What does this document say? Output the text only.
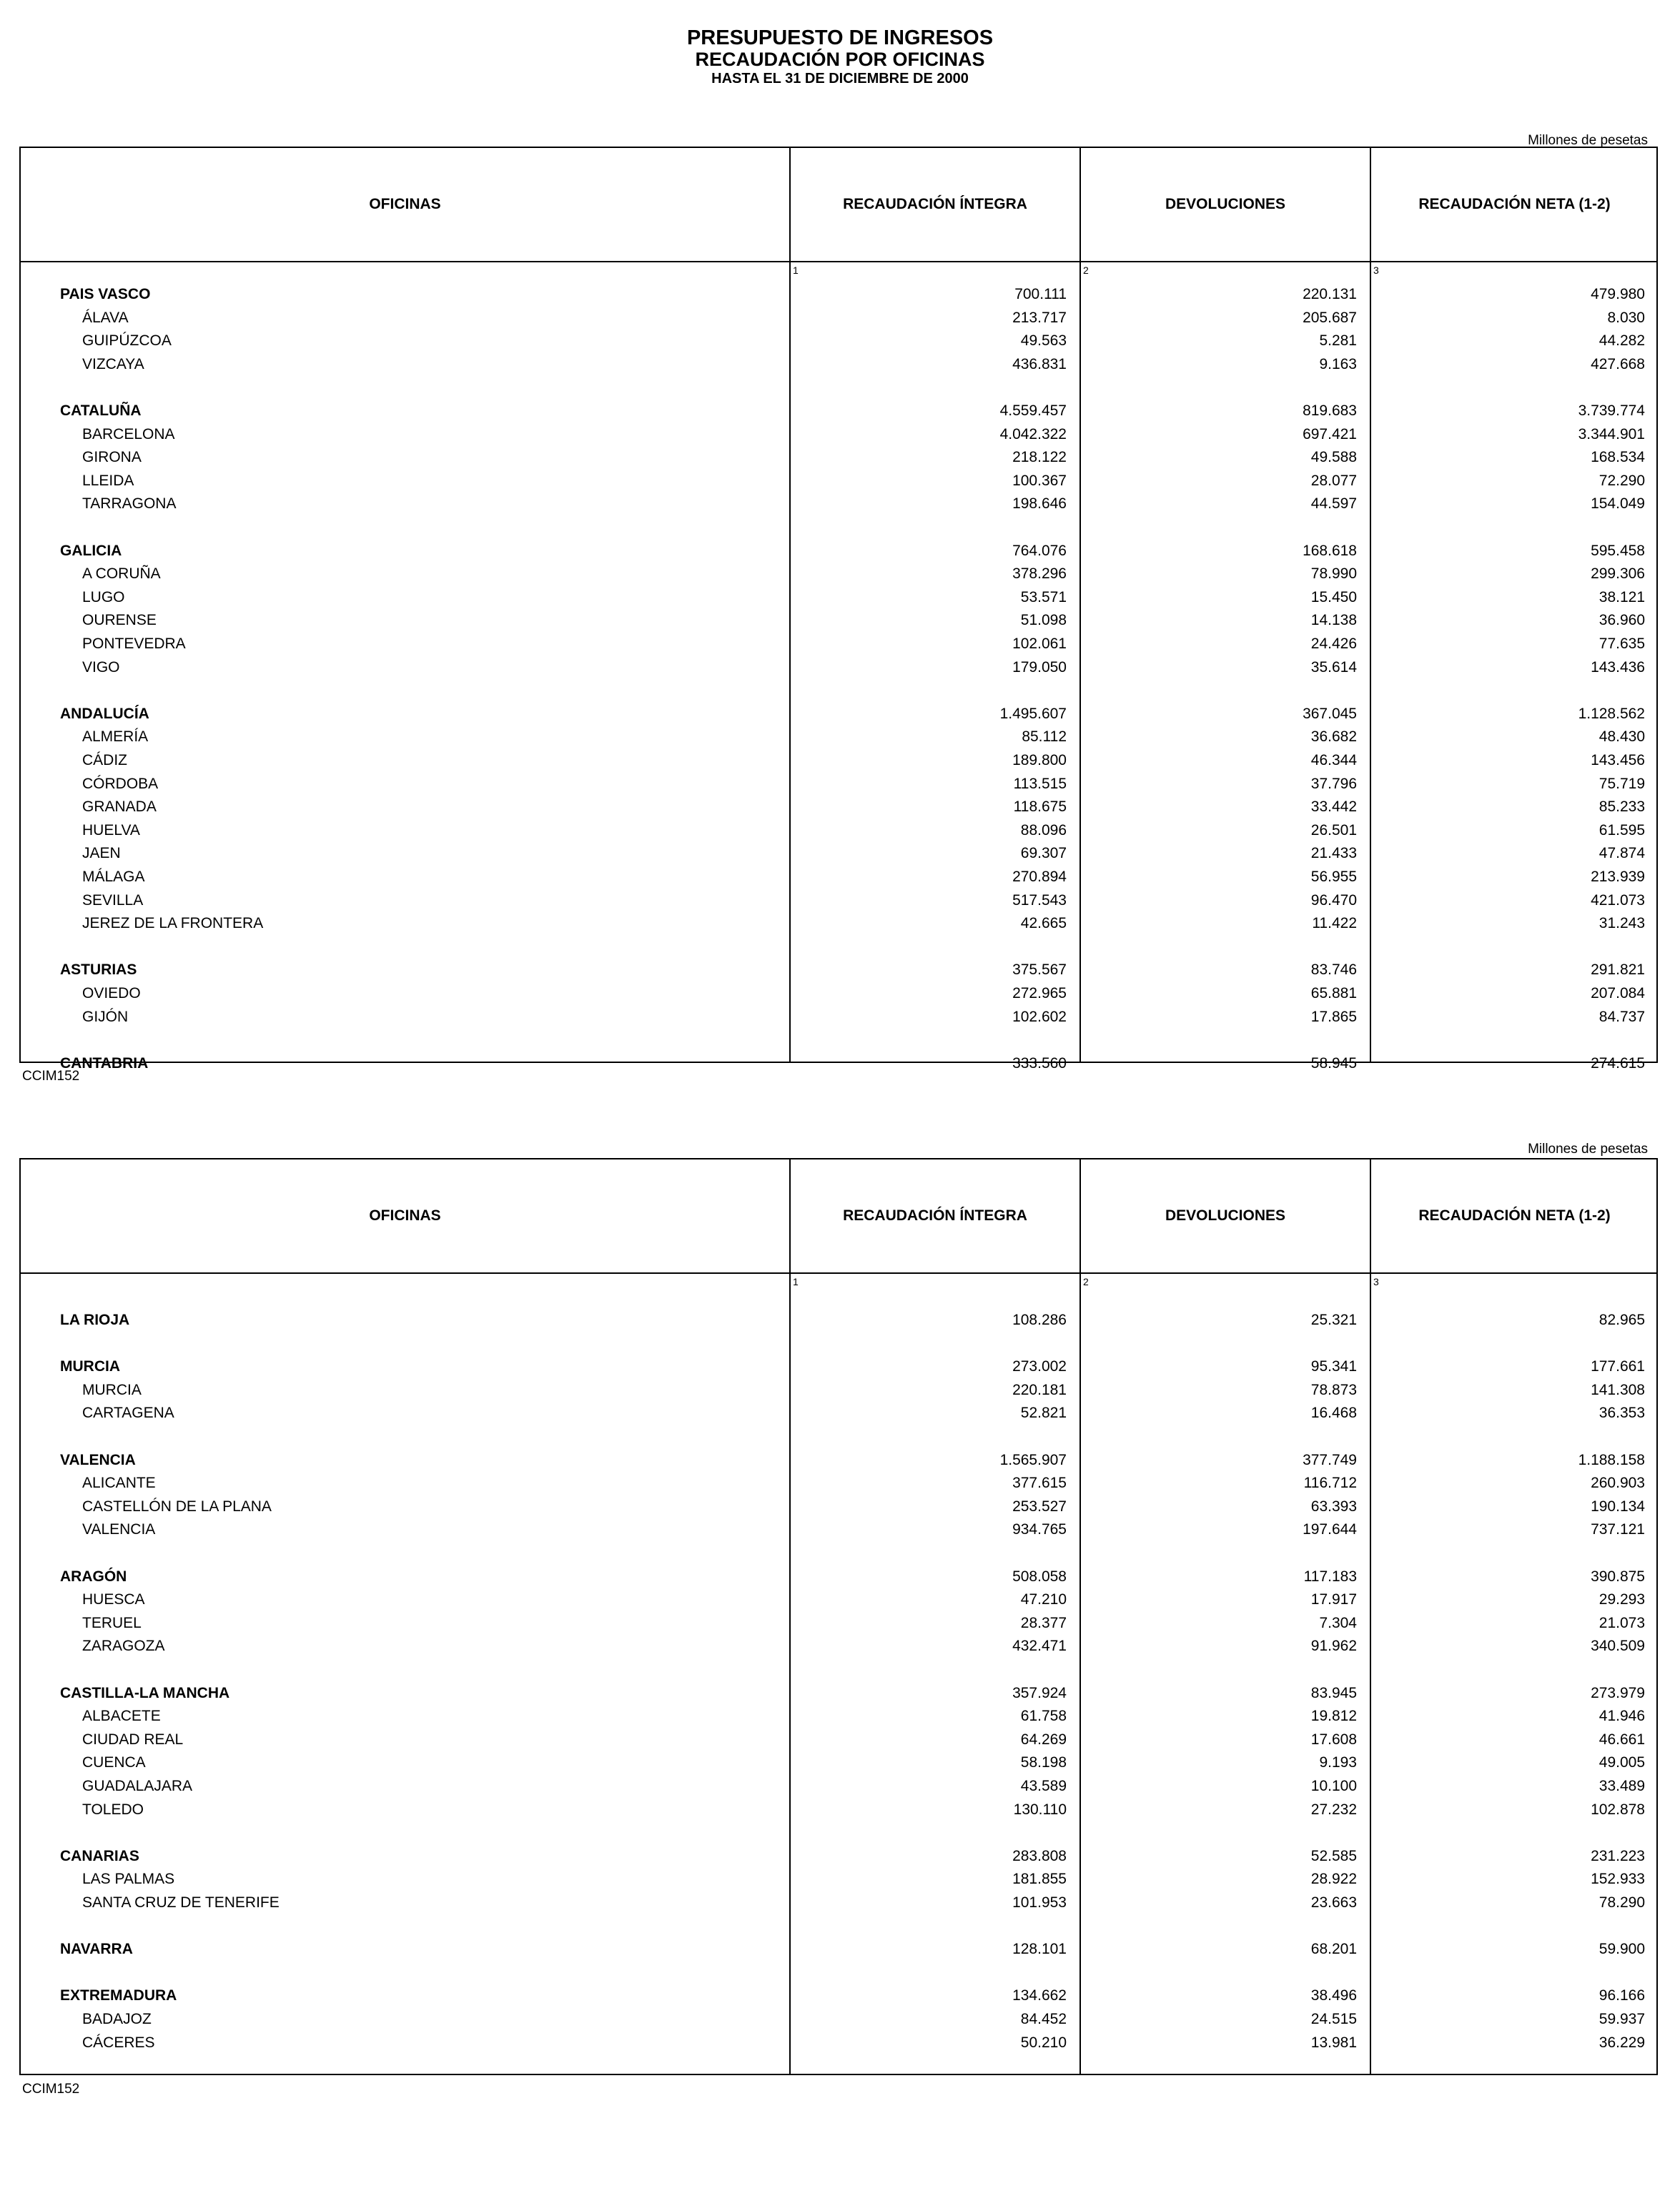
PRESUPUESTO DE INGRESOS
RECAUDACIÓN POR OFICINAS
HASTA EL 31 DE DICIEMBRE DE 2000
Millones de pesetas
OFICINAS	RECAUDACIÓN ÍNTEGRA	DEVOLUCIONES	RECAUDACIÓN NETA (1-2)
1	2	3
PAIS VASCO	700.111	220.131	479.980
ÁLAVA	213.717	205.687	8.030
GUIPÚZCOA	49.563	5.281	44.282
VIZCAYA	436.831	9.163	427.668
CATALUÑA	4.559.457	819.683	3.739.774
BARCELONA	4.042.322	697.421	3.344.901
GIRONA	218.122	49.588	168.534
LLEIDA	100.367	28.077	72.290
TARRAGONA	198.646	44.597	154.049
GALICIA	764.076	168.618	595.458
A CORUÑA	378.296	78.990	299.306
LUGO	53.571	15.450	38.121
OURENSE	51.098	14.138	36.960
PONTEVEDRA	102.061	24.426	77.635
VIGO	179.050	35.614	143.436
ANDALUCÍA	1.495.607	367.045	1.128.562
ALMERÍA	85.112	36.682	48.430
CÁDIZ	189.800	46.344	143.456
CÓRDOBA	113.515	37.796	75.719
GRANADA	118.675	33.442	85.233
HUELVA	88.096	26.501	61.595
JAEN	69.307	21.433	47.874
MÁLAGA	270.894	56.955	213.939
SEVILLA	517.543	96.470	421.073
JEREZ DE LA FRONTERA	42.665	11.422	31.243
ASTURIAS	375.567	83.746	291.821
OVIEDO	272.965	65.881	207.084
GIJÓN	102.602	17.865	84.737
CANTABRIA	333.560	58.945	274.615
CCIM152
Millones de pesetas
OFICINAS	RECAUDACIÓN ÍNTEGRA	DEVOLUCIONES	RECAUDACIÓN NETA (1-2)
1	2	3
LA RIOJA	108.286	25.321	82.965
MURCIA	273.002	95.341	177.661
MURCIA	220.181	78.873	141.308
CARTAGENA	52.821	16.468	36.353
VALENCIA	1.565.907	377.749	1.188.158
ALICANTE	377.615	116.712	260.903
CASTELLÓN DE LA PLANA	253.527	63.393	190.134
VALENCIA	934.765	197.644	737.121
ARAGÓN	508.058	117.183	390.875
HUESCA	47.210	17.917	29.293
TERUEL	28.377	7.304	21.073
ZARAGOZA	432.471	91.962	340.509
CASTILLA-LA MANCHA	357.924	83.945	273.979
ALBACETE	61.758	19.812	41.946
CIUDAD REAL	64.269	17.608	46.661
CUENCA	58.198	9.193	49.005
GUADALAJARA	43.589	10.100	33.489
TOLEDO	130.110	27.232	102.878
CANARIAS	283.808	52.585	231.223
LAS PALMAS	181.855	28.922	152.933
SANTA CRUZ DE TENERIFE	101.953	23.663	78.290
NAVARRA	128.101	68.201	59.900
EXTREMADURA	134.662	38.496	96.166
BADAJOZ	84.452	24.515	59.937
CÁCERES	50.210	13.981	36.229
CCIM152
